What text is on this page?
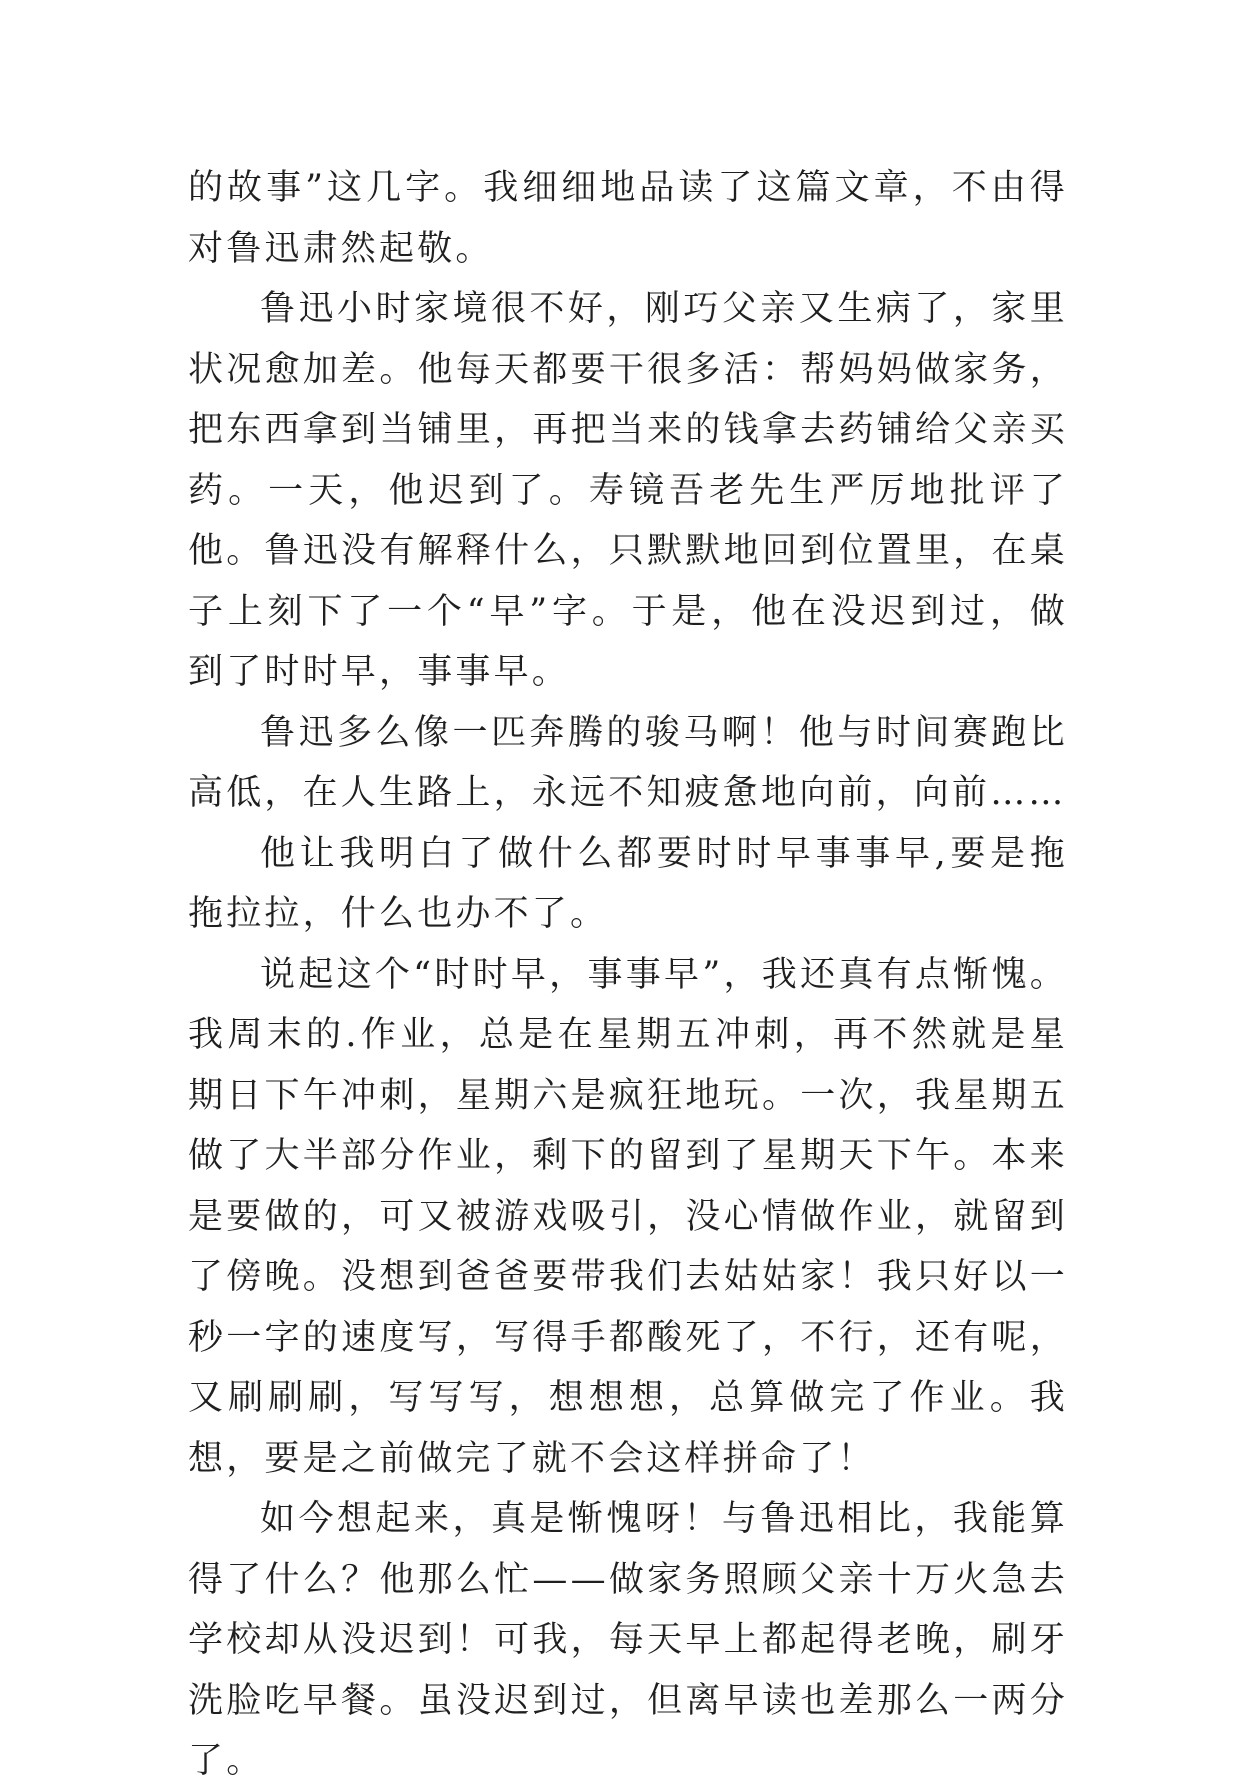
的故事”这几字。我细细地品读了这篇文章，不由得对鲁迅肃然起敬。

鲁迅小时家境很不好，刚巧父亲又生病了，家里状况愈加差。他每天都要干很多活：帮妈妈做家务，把东西拿到当铺里，再把当来的钱拿去药铺给父亲买药。一天，他迟到了。寿镜吾老先生严厉地批评了他。鲁迅没有解释什么，只默默地回到位置里，在桌子上刻下了一个“早”字。于是，他在没迟到过，做到了时时早，事事早。

鲁迅多么像一匹奔腾的骏马啊！他与时间赛跑比高低，在人生路上，永远不知疲惫地向前，向前……

他让我明白了做什么都要时时早事事早,要是拖拖拉拉，什么也办不了。

说起这个“时时早，事事早”，我还真有点惭愧。我周末的.作业，总是在星期五冲刺，再不然就是星期日下午冲刺，星期六是疯狂地玩。一次，我星期五做了大半部分作业，剩下的留到了星期天下午。本来是要做的，可又被游戏吸引，没心情做作业，就留到了傍晚。没想到爸爸要带我们去姑姑家！我只好以一秒一字的速度写，写得手都酸死了，不行，还有呢，又刷刷刷，写写写，想想想，总算做完了作业。我想，要是之前做完了就不会这样拼命了！

如今想起来，真是惭愧呀！与鲁迅相比，我能算得了什么？他那么忙——做家务照顾父亲十万火急去学校却从没迟到！可我，每天早上都起得老晚，刷牙洗脸吃早餐。虽没迟到过，但离早读也差那么一两分了。
